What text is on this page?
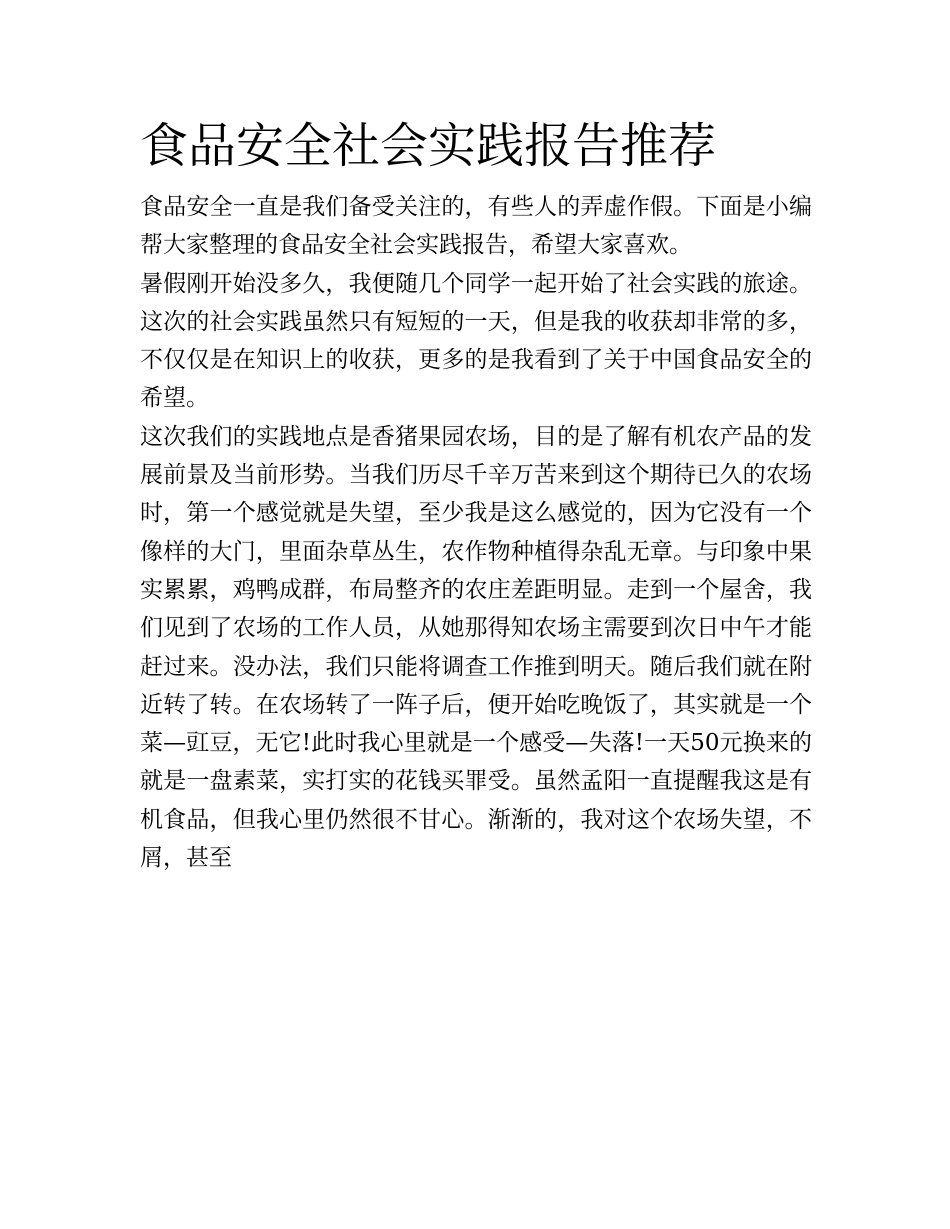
食品安全社会实践报告推荐

食品安全一直是我们备受关注的，有些人的弄虚作假。下面是小编帮大家整理的食品安全社会实践报告，希望大家喜欢。

暑假刚开始没多久，我便随几个同学一起开始了社会实践的旅途。这次的社会实践虽然只有短短的一天，但是我的收获却非常的多，不仅仅是在知识上的收获，更多的是我看到了关于中国食品安全的希望。

这次我们的实践地点是香猪果园农场，目的是了解有机农产品的发展前景及当前形势。当我们历尽千辛万苦来到这个期待已久的农场时，第一个感觉就是失望，至少我是这么感觉的，因为它没有一个像样的大门，里面杂草丛生，农作物种植得杂乱无章。与印象中果实累累，鸡鸭成群，布局整齐的农庄差距明显。走到一个屋舍，我们见到了农场的工作人员，从她那得知农场主需要到次日中午才能赶过来。没办法，我们只能将调查工作推到明天。随后我们就在附近转了转。在农场转了一阵子后，便开始吃晚饭了，其实就是一个菜—豇豆，无它!此时我心里就是一个感受—失落!一天50元换来的就是一盘素菜，实打实的花钱买罪受。虽然孟阳一直提醒我这是有机食品，但我心里仍然很不甘心。渐渐的，我对这个农场失望，不屑，甚至
